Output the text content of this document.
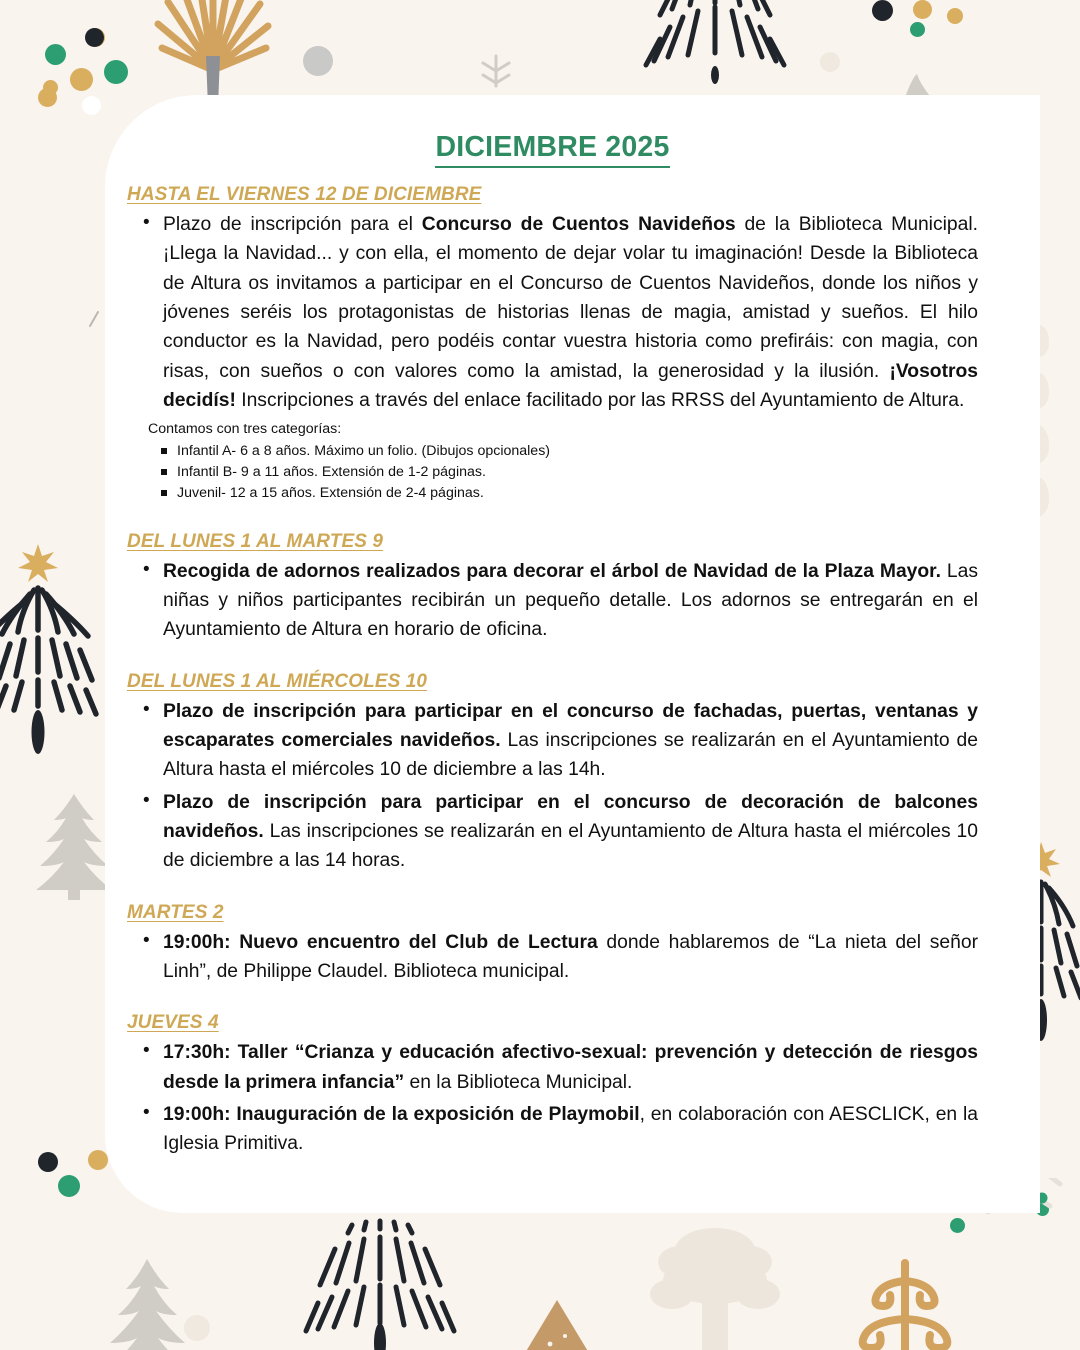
DICIEMBRE 2025
HASTA EL VIERNES 12 DE DICIEMBRE
• Plazo de inscripción para el Concurso de Cuentos Navideños de la Biblioteca Municipal. ¡Llega la Navidad... y con ella, el momento de dejar volar tu imaginación! Desde la Biblioteca de Altura os invitamos a participar en el Concurso de Cuentos Navideños, donde los niños y jóvenes seréis los protagonistas de historias llenas de magia, amistad y sueños. El hilo conductor es la Navidad, pero podéis contar vuestra historia como prefiráis: con magia, con risas, con sueños o con valores como la amistad, la generosidad y la ilusión. ¡Vosotros decidís! Inscripciones a través del enlace facilitado por las RRSS del Ayuntamiento de Altura.
Contamos con tres categorías:
Infantil A- 6 a 8 años. Máximo un folio. (Dibujos opcionales)
Infantil B- 9 a 11 años. Extensión de 1-2 páginas.
Juvenil- 12 a 15 años. Extensión de 2-4 páginas.
DEL LUNES 1 AL MARTES 9
• Recogida de adornos realizados para decorar el árbol de Navidad de la Plaza Mayor. Las niñas y niños participantes recibirán un pequeño detalle. Los adornos se entregarán en el Ayuntamiento de Altura en horario de oficina.
DEL LUNES 1 AL MIÉRCOLES 10
• Plazo de inscripción para participar en el concurso de fachadas, puertas, ventanas y escaparates comerciales navideños. Las inscripciones se realizarán en el Ayuntamiento de Altura hasta el miércoles 10 de diciembre a las 14h.
• Plazo de inscripción para participar en el concurso de decoración de balcones navideños. Las inscripciones se realizarán en el Ayuntamiento de Altura hasta el miércoles 10 de diciembre a las 14 horas.
MARTES 2
• 19:00h: Nuevo encuentro del Club de Lectura donde hablaremos de “La nieta del señor Linh”, de Philippe Claudel. Biblioteca municipal.
JUEVES 4
• 17:30h: Taller “Crianza y educación afectivo-sexual: prevención y detección de riesgos desde la primera infancia” en la Biblioteca Municipal.
• 19:00h: Inauguración de la exposición de Playmobil, en colaboración con AESCLICK, en la Iglesia Primitiva.
